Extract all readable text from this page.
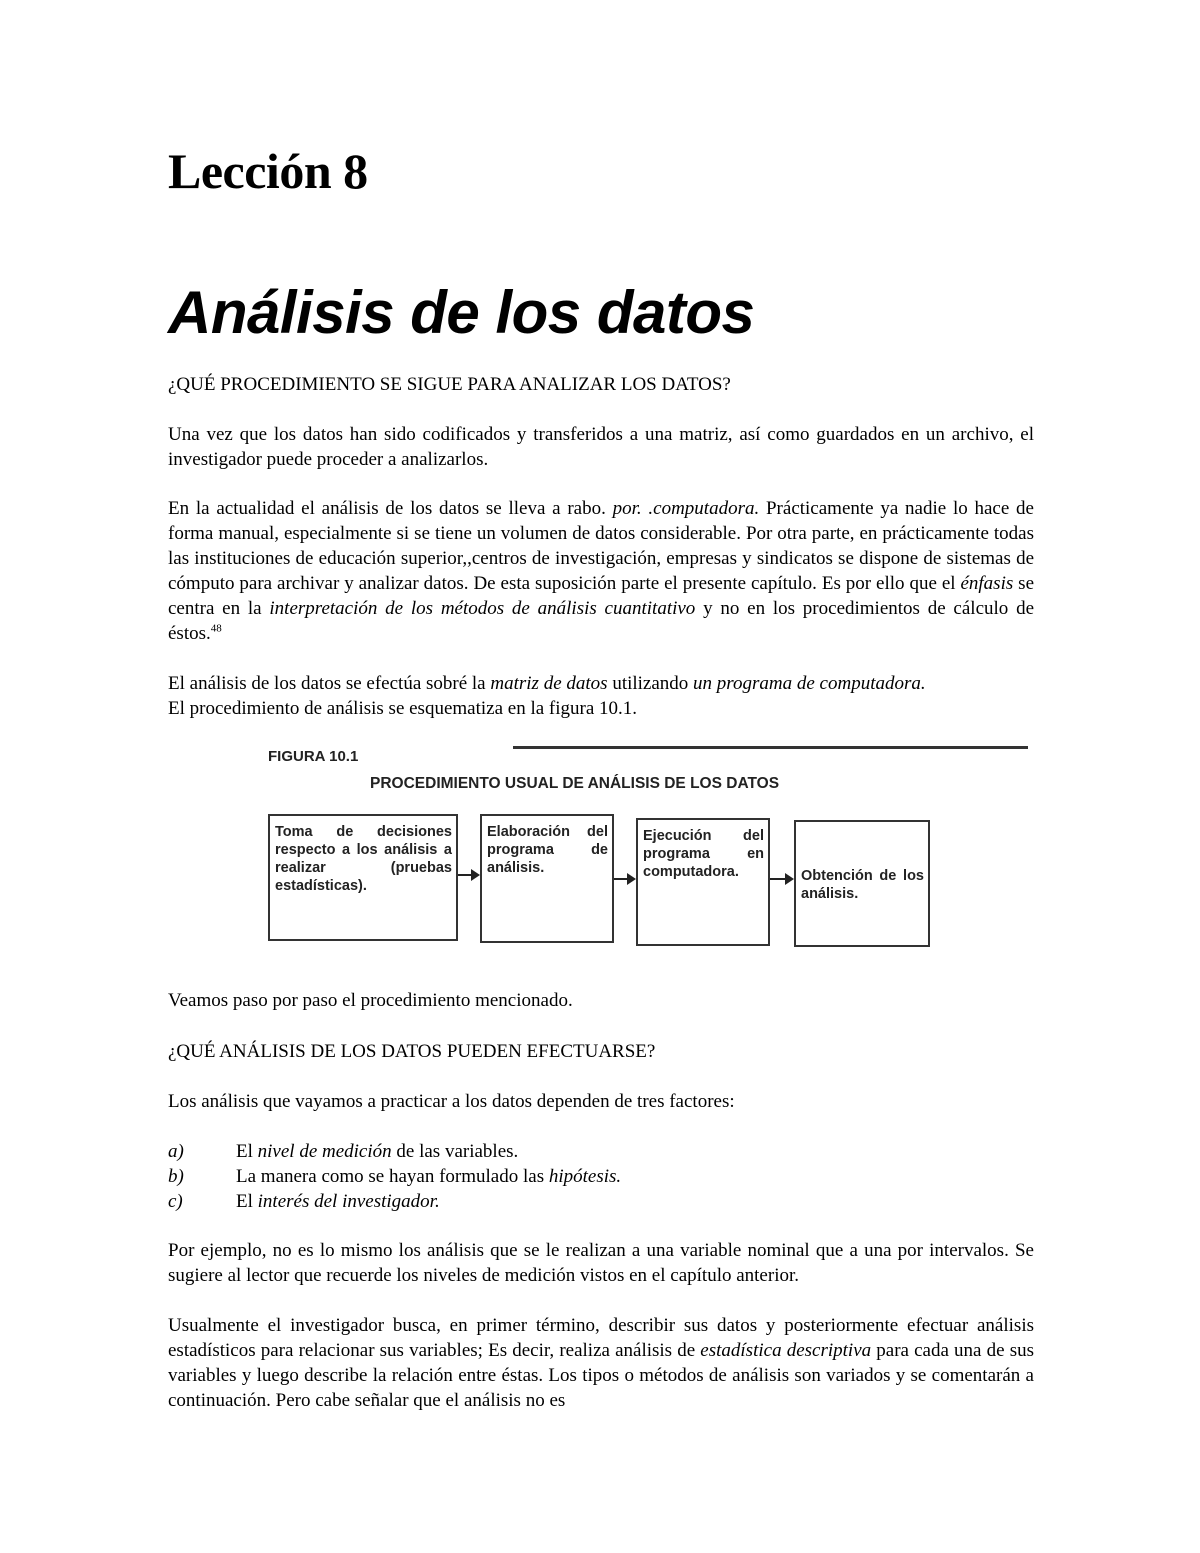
Lección 8
Análisis de los datos
¿QUÉ PROCEDIMIENTO SE SIGUE PARA ANALIZAR LOS DATOS?

Una vez que los datos han sido codificados y transferidos a una matriz, así como guardados en un archivo, el investigador puede proceder a analizarlos.

En la actualidad el análisis de los datos se lleva a rabo. por. .computadora. Prácticamente ya nadie lo hace de forma manual, especialmente si se tiene un volumen de datos considerable. Por otra parte, en prácticamente todas las instituciones de educación superior,,centros de investigación, empresas y sindicatos se dispone de sistemas de cómputo para archivar y analizar datos. De esta suposición parte el presente capítulo. Es por ello que el énfasis se centra en la interpretación de los métodos de análisis cuantitativo y no en los procedimientos de cálculo de éstos.$^{48}$

El análisis de los datos se efectúa sobré la matriz de datos utilizando un programa de computadora.
El procedimiento de análisis se esquematiza en la figura 10.1.

FIGURA 10.1
PROCEDIMIENTO USUAL DE ANÁLISIS DE LOS DATOS
Toma de decisiones respecto a los análisis a realizar (pruebas estadísticas).
Elaboración del programa de análisis.
Ejecución del programa en computadora.	Obtención de los análisis.

Veamos paso por paso el procedimiento mencionado.

¿QUÉ ANÁLISIS DE LOS DATOS PUEDEN EFECTUARSE?

Los análisis que vayamos a practicar a los datos dependen de tres factores:

a)	El nivel de medición de las variables.
b)	La manera como se hayan formulado las hipótesis.
c)	El interés del investigador.

Por ejemplo, no es lo mismo los análisis que se le realizan a una variable nominal que a una por intervalos. Se sugiere al lector que recuerde los niveles de medición vistos en el capítulo anterior.

Usualmente el investigador busca, en primer término, describir sus datos y posteriormente efectuar análisis estadísticos para relacionar sus variables; Es decir, realiza análisis de estadística descriptiva para cada una de sus variables y luego describe la relación entre éstas. Los tipos o métodos de análisis son variados y se comentarán a continuación. Pero cabe señalar que el análisis no es
